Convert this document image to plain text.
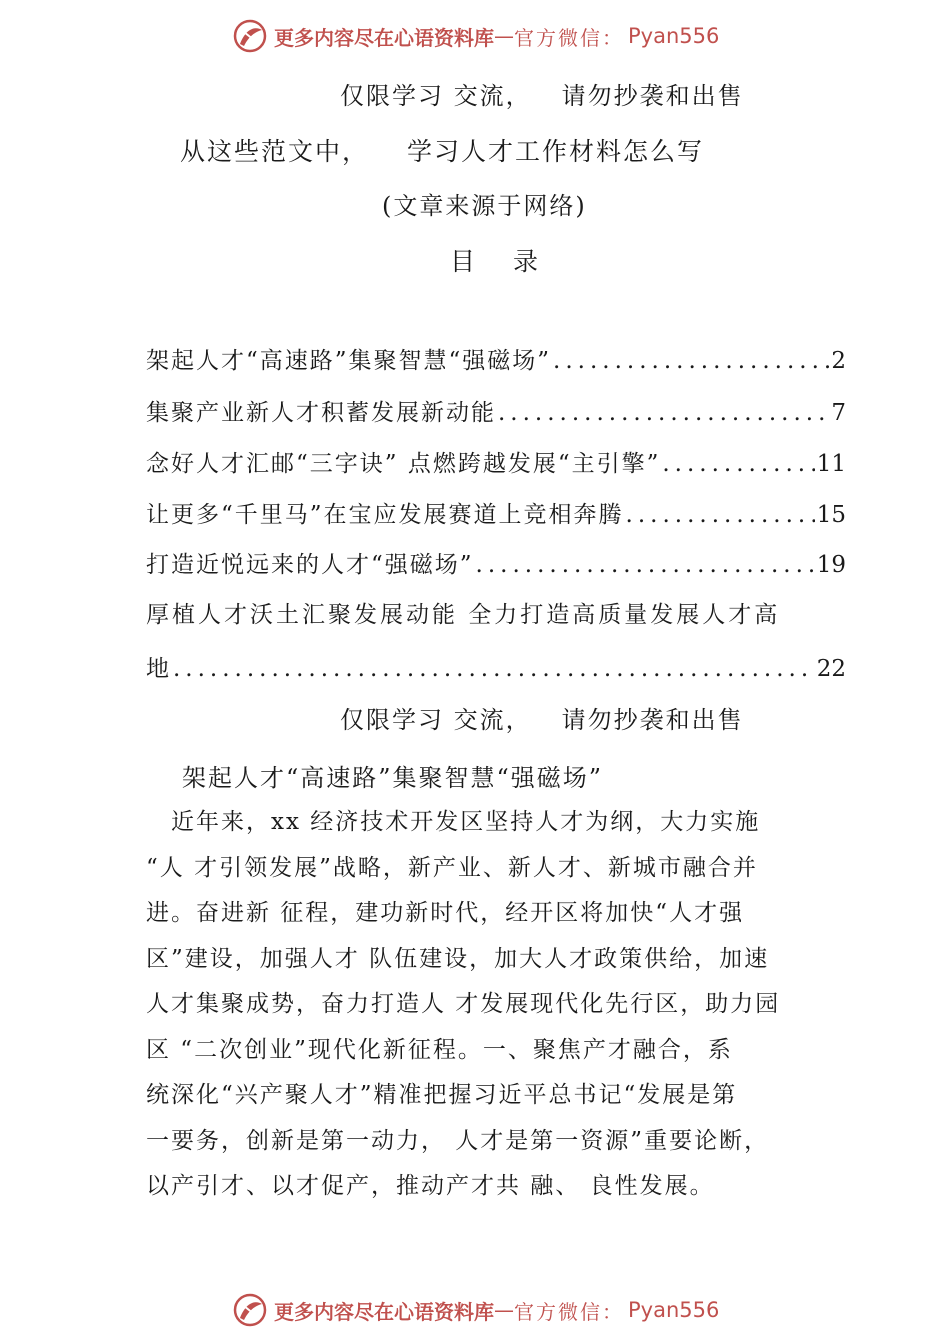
更多内容尽在心语资料库 — 官方微信： Pyan556
仅限学习 交流， 请勿抄袭和出售
从这些范文中， 学习人才工作材料怎么写
(文章来源于网络)
目 录
架起人才“高速路”集聚智慧“强磁场” .....	2
集聚产业新人才积蓄发展新动能 .....	7
念好人才汇邮“三字诀” 点燃跨越发展“主引擎” .....	11
让更多“千里马”在宝应发展赛道上竞相奔腾 .....	15
打造近悦远来的人才“强磁场” .....	19
厚植人才沃土汇聚发展动能 全力打造高质量发展人才高
地 .....	22
仅限学习 交流， 请勿抄袭和出售
架起人才“高速路”集聚智慧“强磁场”
　近年来，xx 经济技术开发区坚持人才为纲，大力实施
“人 才引领发展”战略，新产业、新人才、新城市融合并
进。奋进新 征程，建功新时代，经开区将加快“人才强
区”建设，加强人才 队伍建设，加大人才政策供给，加速
人才集聚成势，奋力打造人 才发展现代化先行区，助力园
区 “二次创业”现代化新征程。一、聚焦产才融合，系
统深化“兴产聚人才”精准把握习近平总书记“发展是第
一要务，创新是第一动力， 人才是第一资源”重要论断，
以产引才、以才促产，推动产才共 融、 良性发展。
更多内容尽在心语资料库 — 官方微信： Pyan556
